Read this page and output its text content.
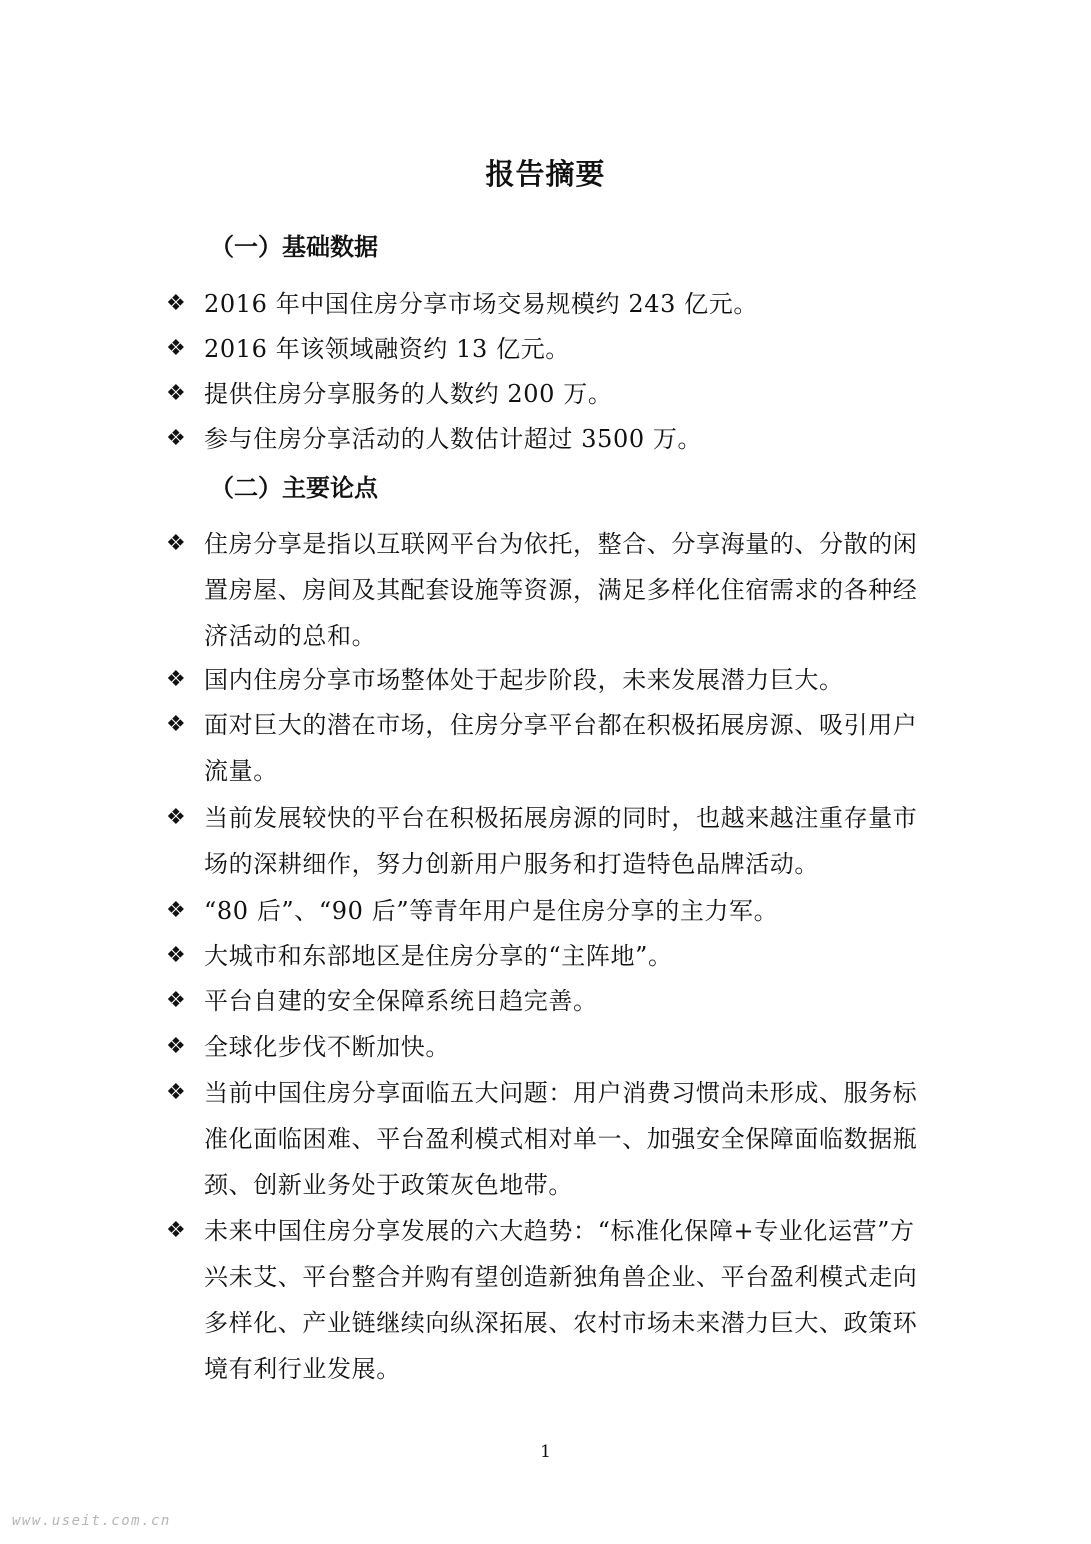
报告摘要
（一）基础数据
❖ 2016 年中国住房分享市场交易规模约 243 亿元。
❖ 2016 年该领域融资约 13 亿元。
❖ 提供住房分享服务的人数约 200 万。
❖ 参与住房分享活动的人数估计超过 3500 万。
（二）主要论点
❖ 住房分享是指以互联网平台为依托，整合、分享海量的、分散的闲置房屋、房间及其配套设施等资源，满足多样化住宿需求的各种经济活动的总和。
❖ 国内住房分享市场整体处于起步阶段，未来发展潜力巨大。
❖ 面对巨大的潜在市场，住房分享平台都在积极拓展房源、吸引用户流量。
❖ 当前发展较快的平台在积极拓展房源的同时，也越来越注重存量市场的深耕细作，努力创新用户服务和打造特色品牌活动。
❖ “80 后”、“90 后”等青年用户是住房分享的主力军。
❖ 大城市和东部地区是住房分享的“主阵地”。
❖ 平台自建的安全保障系统日趋完善。
❖ 全球化步伐不断加快。
❖ 当前中国住房分享面临五大问题：用户消费习惯尚未形成、服务标准化面临困难、平台盈利模式相对单一、加强安全保障面临数据瓶颈、创新业务处于政策灰色地带。
❖ 未来中国住房分享发展的六大趋势：“标准化保障+专业化运营”方兴未艾、平台整合并购有望创造新独角兽企业、平台盈利模式走向多样化、产业链继续向纵深拓展、农村市场未来潜力巨大、政策环境有利行业发展。
1
www.useit.com.cn
